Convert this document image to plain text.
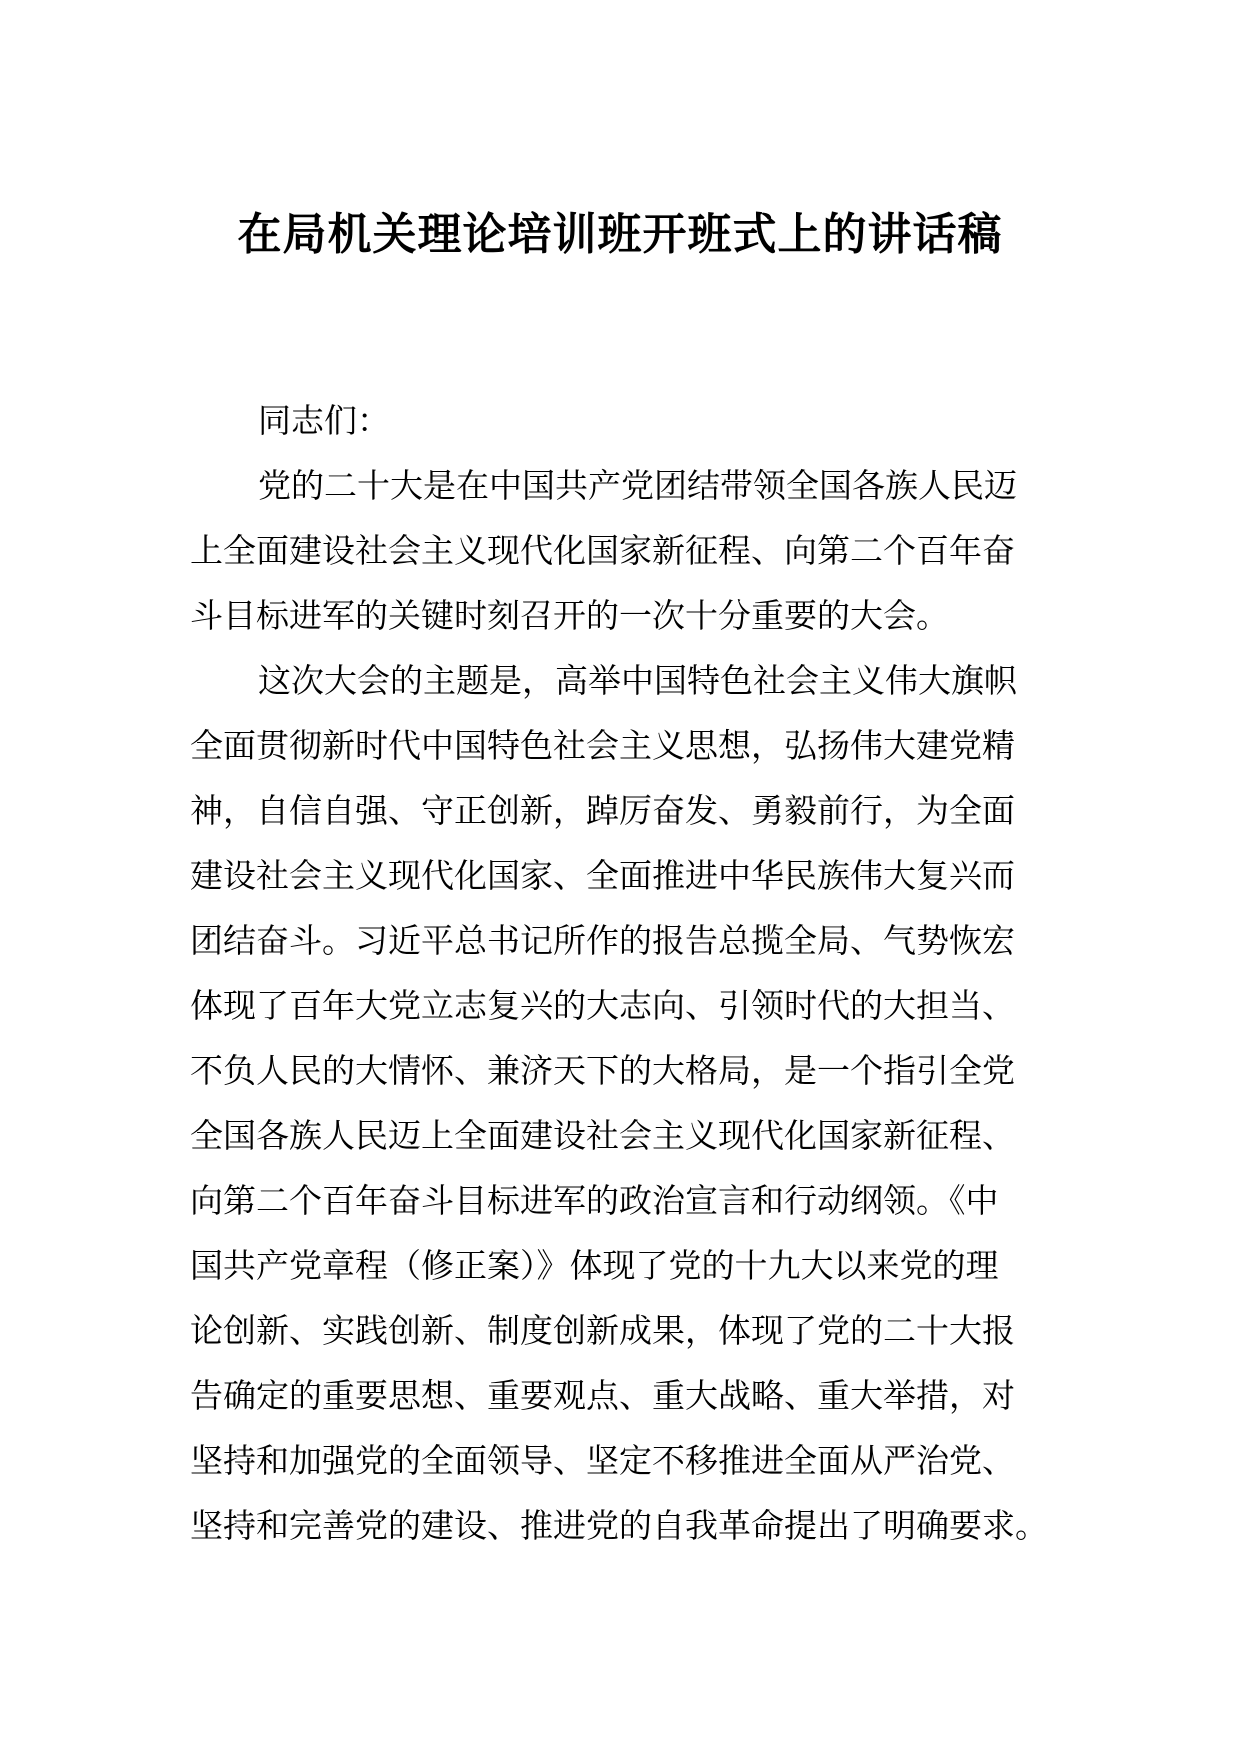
在局机关理论培训班开班式上的讲话稿
同志们：
党的二十大是在中国共产党团结带领全国各族人民迈
上全面建设社会主义现代化国家新征程、向第二个百年奋
斗目标进军的关键时刻召开的一次十分重要的大会。
这次大会的主题是，高举中国特色社会主义伟大旗帜
全面贯彻新时代中国特色社会主义思想，弘扬伟大建党精
神，自信自强、守正创新，踔厉奋发、勇毅前行，为全面
建设社会主义现代化国家、全面推进中华民族伟大复兴而
团结奋斗。习近平总书记所作的报告总揽全局、气势恢宏
体现了百年大党立志复兴的大志向、引领时代的大担当、
不负人民的大情怀、兼济天下的大格局，是一个指引全党
全国各族人民迈上全面建设社会主义现代化国家新征程、
向第二个百年奋斗目标进军的政治宣言和行动纲领。《中
国共产党章程（修正案）》体现了党的十九大以来党的理
论创新、实践创新、制度创新成果，体现了党的二十大报
告确定的重要思想、重要观点、重大战略、重大举措，对
坚持和加强党的全面领导、坚定不移推进全面从严治党、
坚持和完善党的建设、推进党的自我革命提出了明确要求。
